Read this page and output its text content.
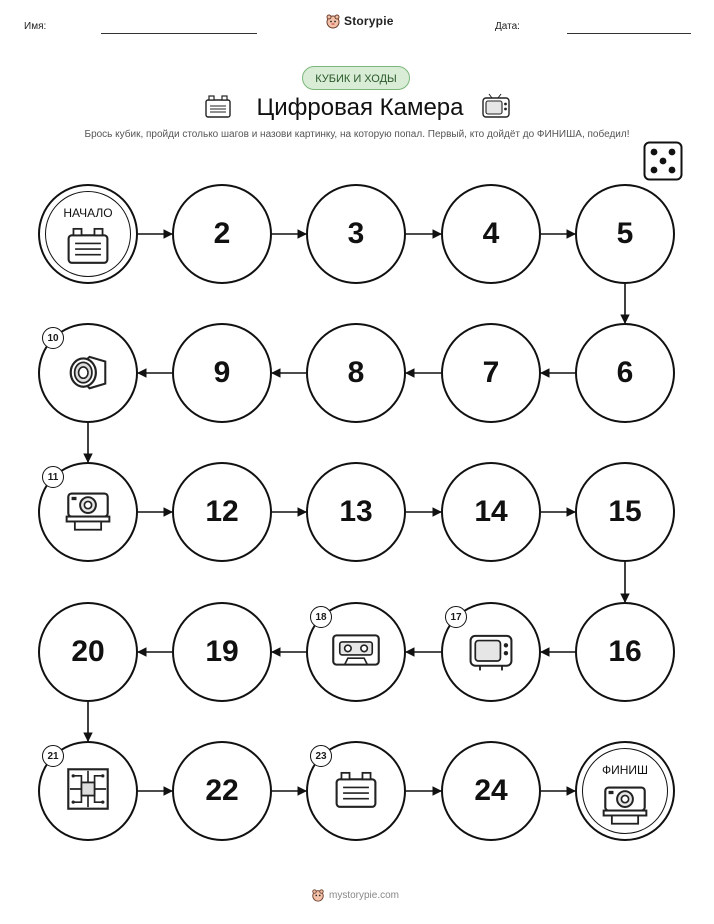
Имя:	Storypie	Дата:
КУБИК И ХОДЫ
Цифровая Камера
Брось кубик, пройди столько шагов и назови картинку, на которую попал. Первый, кто дойдёт до ФИНИША, победил!
НАЧАЛО
2	3	4	5
6
7
8
9
10
11
12	13	14	15
16
17
18
19
20
21
22
23
24
ФИНИШ
mystorypie.com
